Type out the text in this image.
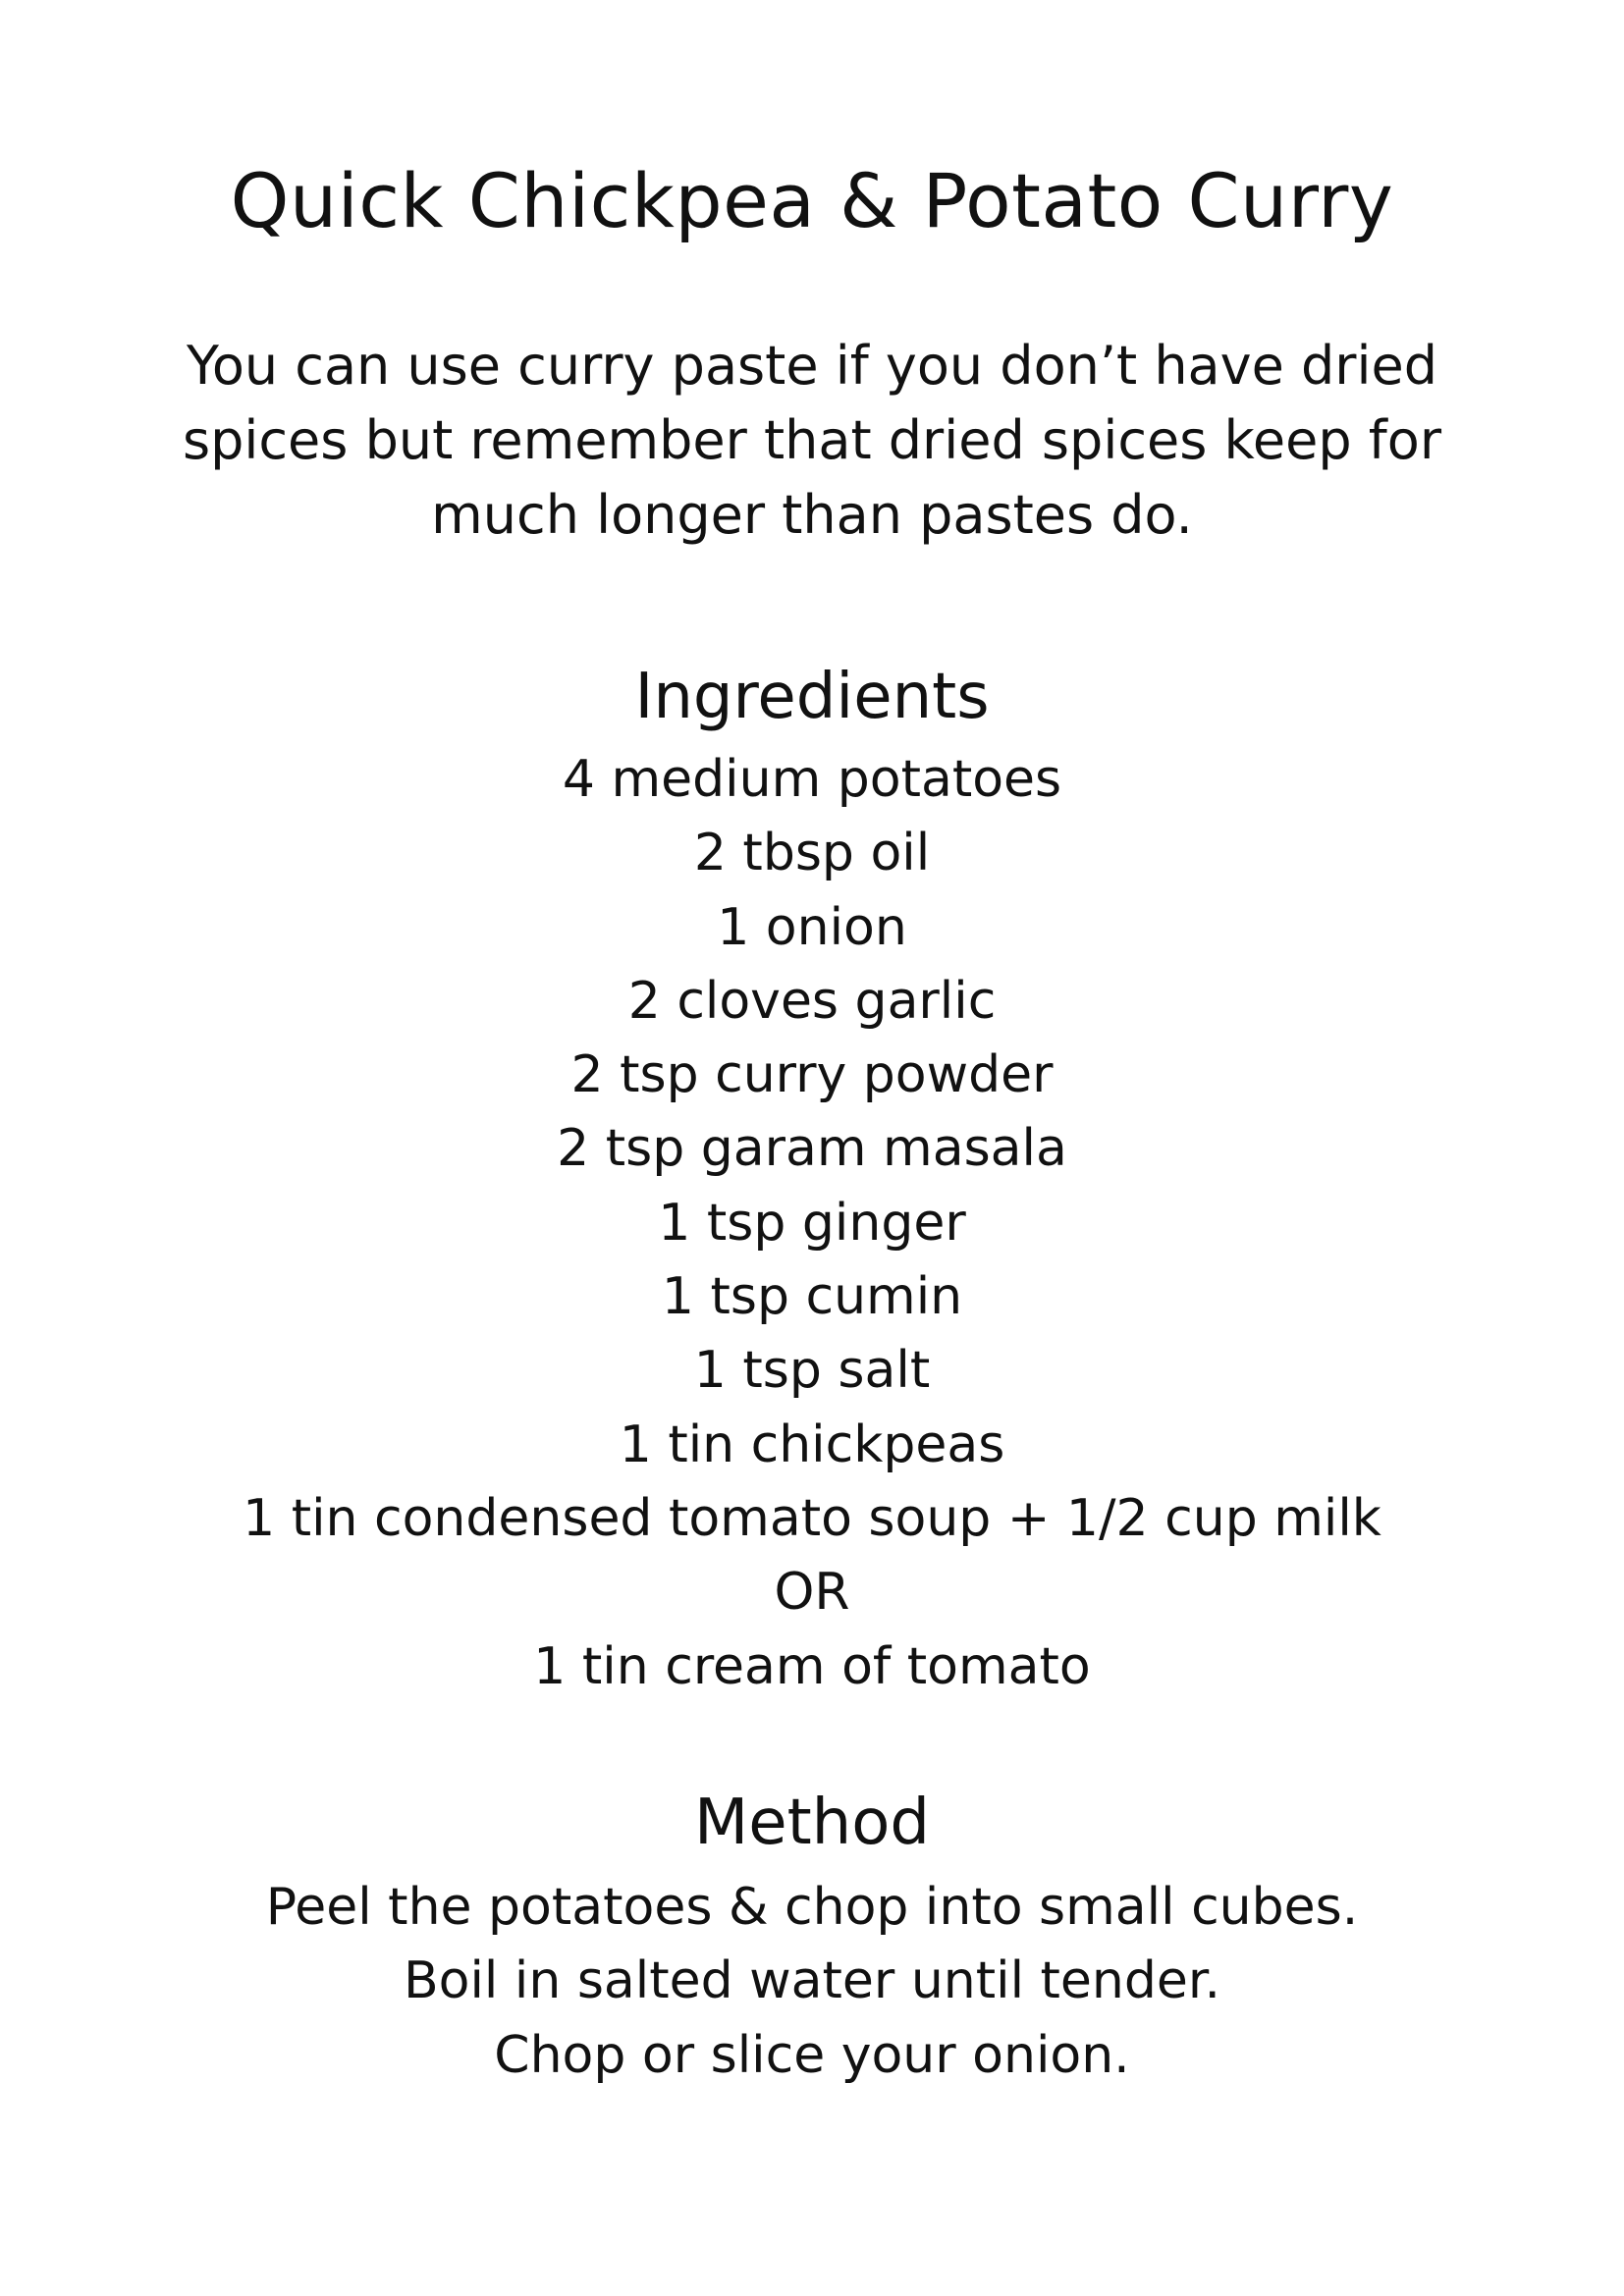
Quick Chickpea & Potato Curry

You can use curry paste if you don’t have dried spices but remember that dried spices keep for much longer than pastes do.

Ingredients
4 medium potatoes
2 tbsp oil
1 onion
2 cloves garlic
2 tsp curry powder
2 tsp garam masala
1 tsp ginger
1 tsp cumin
1 tsp salt
1 tin chickpeas
1 tin condensed tomato soup + 1/2 cup milk
OR
1 tin cream of tomato
Method
Peel the potatoes & chop into small cubes.
Boil in salted water until tender.
Chop or slice your onion.
